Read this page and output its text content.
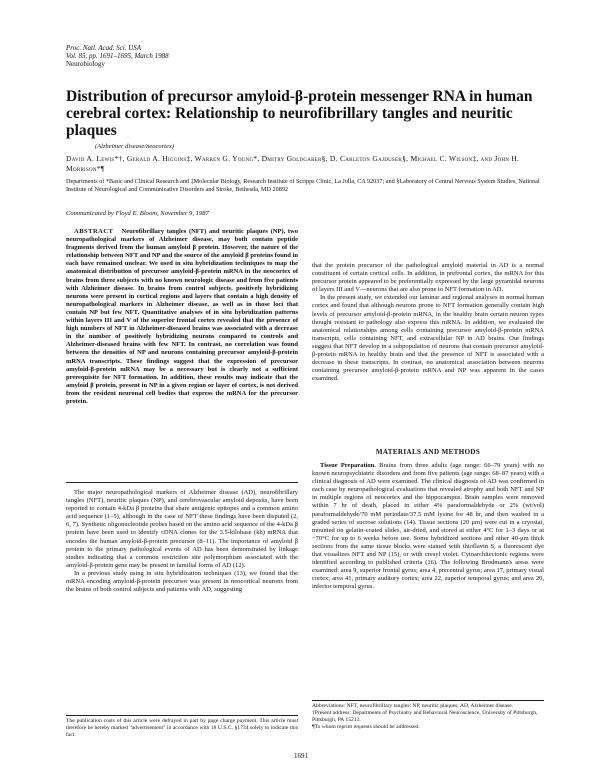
Proc. Natl. Acad. Sci. USA
Vol. 85, pp. 1691–1695, March 1988
Neurobiology
Distribution of precursor amyloid-β-protein messenger RNA in human cerebral cortex: Relationship to neurofibrillary tangles and neuritic plaques
(Alzheimer disease/neocortex)
David A. Lewis*†, Gerald A. Higgins‡, Warren G. Young*, Dmitry Goldgaber§, D. Carleton Gajdusek§, Michael C. Wilson‡, and John H. Morrison*¶
Departments of *Basic and Clinical Research and ‡Molecular Biology, Research Institute of Scripps Clinic, La Jolla, CA 92037; and §Laboratory of Central Nervous System Studies, National Institute of Neurological and Communicative Disorders and Stroke, Bethesda, MD 20892
Communicated by Floyd E. Bloom, November 9, 1987
ABSTRACT Neurofibrillary tangles (NFT) and neuritic plaques (NP), two neuropathological markers of Alzheimer disease, may both contain peptide fragments derived from the human amyloid β protein. However, the nature of the relationship between NFT and NP and the source of the amyloid β proteins found in each have remained unclear. We used in situ hybridization techniques to map the anatomical distribution of precursor amyloid-β-protein mRNA in the neocortex of brains from three subjects with no known neurologic disease and from five patients with Alzheimer disease. In brains from control subjects, positively hybridizing neurons were present in cortical regions and layers that contain a high density of neuropathological markers in Alzheimer disease, as well as in those loci that contain NP but few NFT. Quantitative analyses of in situ hybridization patterns within layers III and V of the superior frontal cortex revealed that the presence of high numbers of NFT in Alzheimer-diseased brains was associated with a decrease in the number of positively hybridizing neurons compared to controls and Alzheimer-diseased brains with few NFT. In contrast, no correlation was found between the densities of NP and neurons containing precursor amyloid-β-protein mRNA transcripts. These findings suggest that the expression of precursor amyloid-β-protein mRNA may be a necessary but is clearly not a sufficient prerequisite for NFT formation. In addition, these results may indicate that the amyloid β protein, present in NP in a given region or layer of cortex, is not derived from the resident neuronal cell bodies that express the mRNA for the precursor protein.

The major neuropathological markers of Alzheimer disease (AD), neurofibrillary tangles (NFT), neuritic plaques (NP), and cerebrovascular amyloid deposits, have been reported to contain 4-kDa β proteins that share antigenic epitopes and a common amino acid sequence (1–5), although in the case of NFT these findings have been disputed (2, 6, 7). Synthetic oligonucleotide probes based on the amino acid sequence of the 4-kDa β protein have been used to identify cDNA clones for the 3.5-kilobase (kb) mRNA that encodes the human amyloid-β-protein precursor (8–11). The importance of amyloid β protein to the primary pathological events of AD has been demonstrated by linkage studies indicating that a common restriction site polymorphism associated with the amyloid-β-protein gene may be present in familial forms of AD (12).

In a previous study using in situ hybridization techniques (13), we found that the mRNA encoding amyloid-β-protein precursor was present in neocortical neurons from the brains of both control subjects and patients with AD, suggesting

that the protein precursor of the pathological amyloid material in AD is a normal constituent of certain cortical cells. In addition, in prefrontal cortex, the mRNA for this precursor protein appeared to be preferentially expressed by the large pyramidal neurons of layers III and V—neurons that are also prone to NFT formation in AD.

In the present study, we extended our laminar and regional analyses in normal human cortex and found that although neurons prone to NFT formation generally contain high levels of precursor amyloid-β-protein mRNA, in the healthy brain certain neuron types thought resistant to pathology also express this mRNA. In addition, we evaluated the anatomical relationships among cells containing precursor amyloid-β-protein mRNA transcripts, cells containing NFT, and extracellular NP in AD brains. Our findings suggest that NFT develop in a subpopulation of neurons that contain precursor amyloid-β-protein mRNA in healthy brain and that the presence of NFT is associated with a decrease in these transcripts. In contrast, no anatomical association between neurons containing precursor amyloid-β-protein mRNA and NP was apparent in the cases examined.

MATERIALS AND METHODS

Tissue Preparation. Brains from three adults (age range: 66–79 years) with no known neuropsychiatric disorders and from five patients (age range: 68–87 years) with a clinical diagnosis of AD were examined. The clinical diagnosis of AD was confirmed in each case by neuropathological evaluations that revealed atrophy and both NFT and NP in multiple regions of neocortex and the hippocampus. Brain samples were removed within 7 hr of death, placed in either 4% paraformaldehyde or 2% (wt/vol) paraformaldehyde/70 mM periodate/37.5 mM lysine for 48 hr, and then washed in a graded series of sucrose solutions (14). Tissue sections (20 μm) were cut in a cryostat, mounted on gelatin-coated slides, air-dried, and stored at either 4°C for 1–3 days or at −70°C for up to 6 weeks before use. Some hybridized sections and other 40-μm thick sections from the same tissue blocks were stained with thioflavin S, a fluorescent dye that visualizes NFT and NP (15), or with cresyl violet. Cytoarchitectonic regions were identified according to published criteria (16). The following Brodmann's areas were examined: area 9, superior frontal gyrus; area 4, precentral gyrus; area 17, primary visual cortex; area 41, primary auditory cortex; area 22, superior temporal gyrus; and area 20, inferior temporal gyrus.

The publication costs of this article were defrayed in part by page charge payment. This article must therefore be hereby marked "advertisement" in accordance with 18 U.S.C. §1734 solely to indicate this fact.
Abbreviations: NFT, neurofibrillary tangles; NP, neuritic plaques; AD, Alzheimer disease.
†Present address: Departments of Psychiatry and Behavioral Neuroscience, University of Pittsburgh, Pittsburgh, PA 15213.
¶To whom reprint requests should be addressed.
1691
